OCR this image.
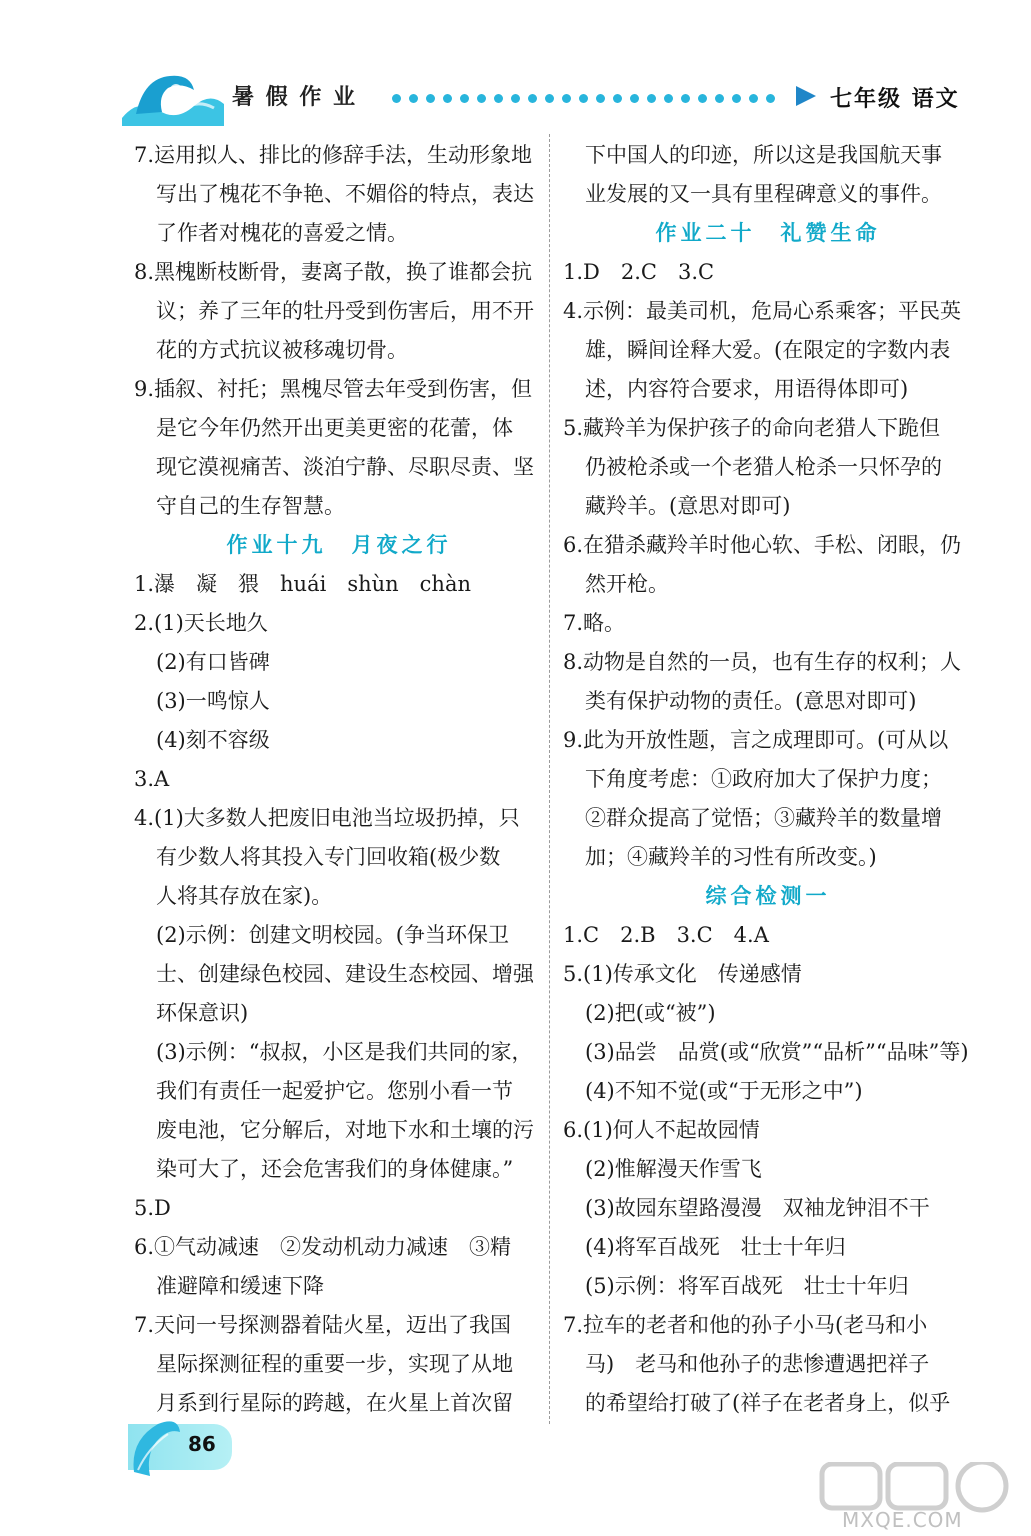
暑 假 作 业	七年级 语文
7.运用拟人、排比的修辞手法，生动形象地
写出了槐花不争艳、不媚俗的特点，表达
了作者对槐花的喜爱之情。
8.黑槐断枝断骨，妻离子散，换了谁都会抗
议；养了三年的牡丹受到伤害后，用不开
花的方式抗议被移魂切骨。
9.插叙、衬托；黑槐尽管去年受到伤害，但
是它今年仍然开出更美更密的花蕾，体
现它漠视痛苦、淡泊宁静、尽职尽责、坚
守自己的生存智慧。
作业十九　月夜之行
1.瀑　凝　猥　huái　shùn　chàn
2.(1)天长地久
(2)有口皆碑
(3)一鸣惊人
(4)刻不容级
3.A
4.(1)大多数人把废旧电池当垃圾扔掉，只
有少数人将其投入专门回收箱(极少数
人将其存放在家)。
(2)示例：创建文明校园。(争当环保卫
士、创建绿色校园、建设生态校园、增强
环保意识)
(3)示例：“叔叔，小区是我们共同的家，
我们有责任一起爱护它。您别小看一节
废电池，它分解后，对地下水和土壤的污
染可大了，还会危害我们的身体健康。”
5.D
6.①气动减速　②发动机动力减速　③精
准避障和缓速下降
7.天问一号探测器着陆火星，迈出了我国
星际探测征程的重要一步，实现了从地
月系到行星际的跨越，在火星上首次留
下中国人的印迹，所以这是我国航天事
业发展的又一具有里程碑意义的事件。
作业二十　礼赞生命
1.D　2.C　3.C
4.示例：最美司机，危局心系乘客；平民英
雄，瞬间诠释大爱。(在限定的字数内表
述，内容符合要求，用语得体即可)
5.藏羚羊为保护孩子的命向老猎人下跪但
仍被枪杀或一个老猎人枪杀一只怀孕的
藏羚羊。(意思对即可)
6.在猎杀藏羚羊时他心软、手松、闭眼，仍
然开枪。
7.略。
8.动物是自然的一员，也有生存的权利；人
类有保护动物的责任。(意思对即可)
9.此为开放性题，言之成理即可。(可从以
下角度考虑：①政府加大了保护力度；
②群众提高了觉悟；③藏羚羊的数量增
加；④藏羚羊的习性有所改变。)
综合检测一
1.C　2.B　3.C　4.A
5.(1)传承文化　传递感情
(2)把(或“被”)
(3)品尝　品赏(或“欣赏”“品析”“品味”等)
(4)不知不觉(或“于无形之中”)
6.(1)何人不起故园情
(2)惟解漫天作雪飞
(3)故园东望路漫漫　双袖龙钟泪不干
(4)将军百战死　壮士十年归
(5)示例：将军百战死　壮士十年归
7.拉车的老者和他的孙子小马(老马和小
马)　老马和他孙子的悲惨遭遇把祥子
的希望给打破了(祥子在老者身上，似乎
86
MXQE.COM
